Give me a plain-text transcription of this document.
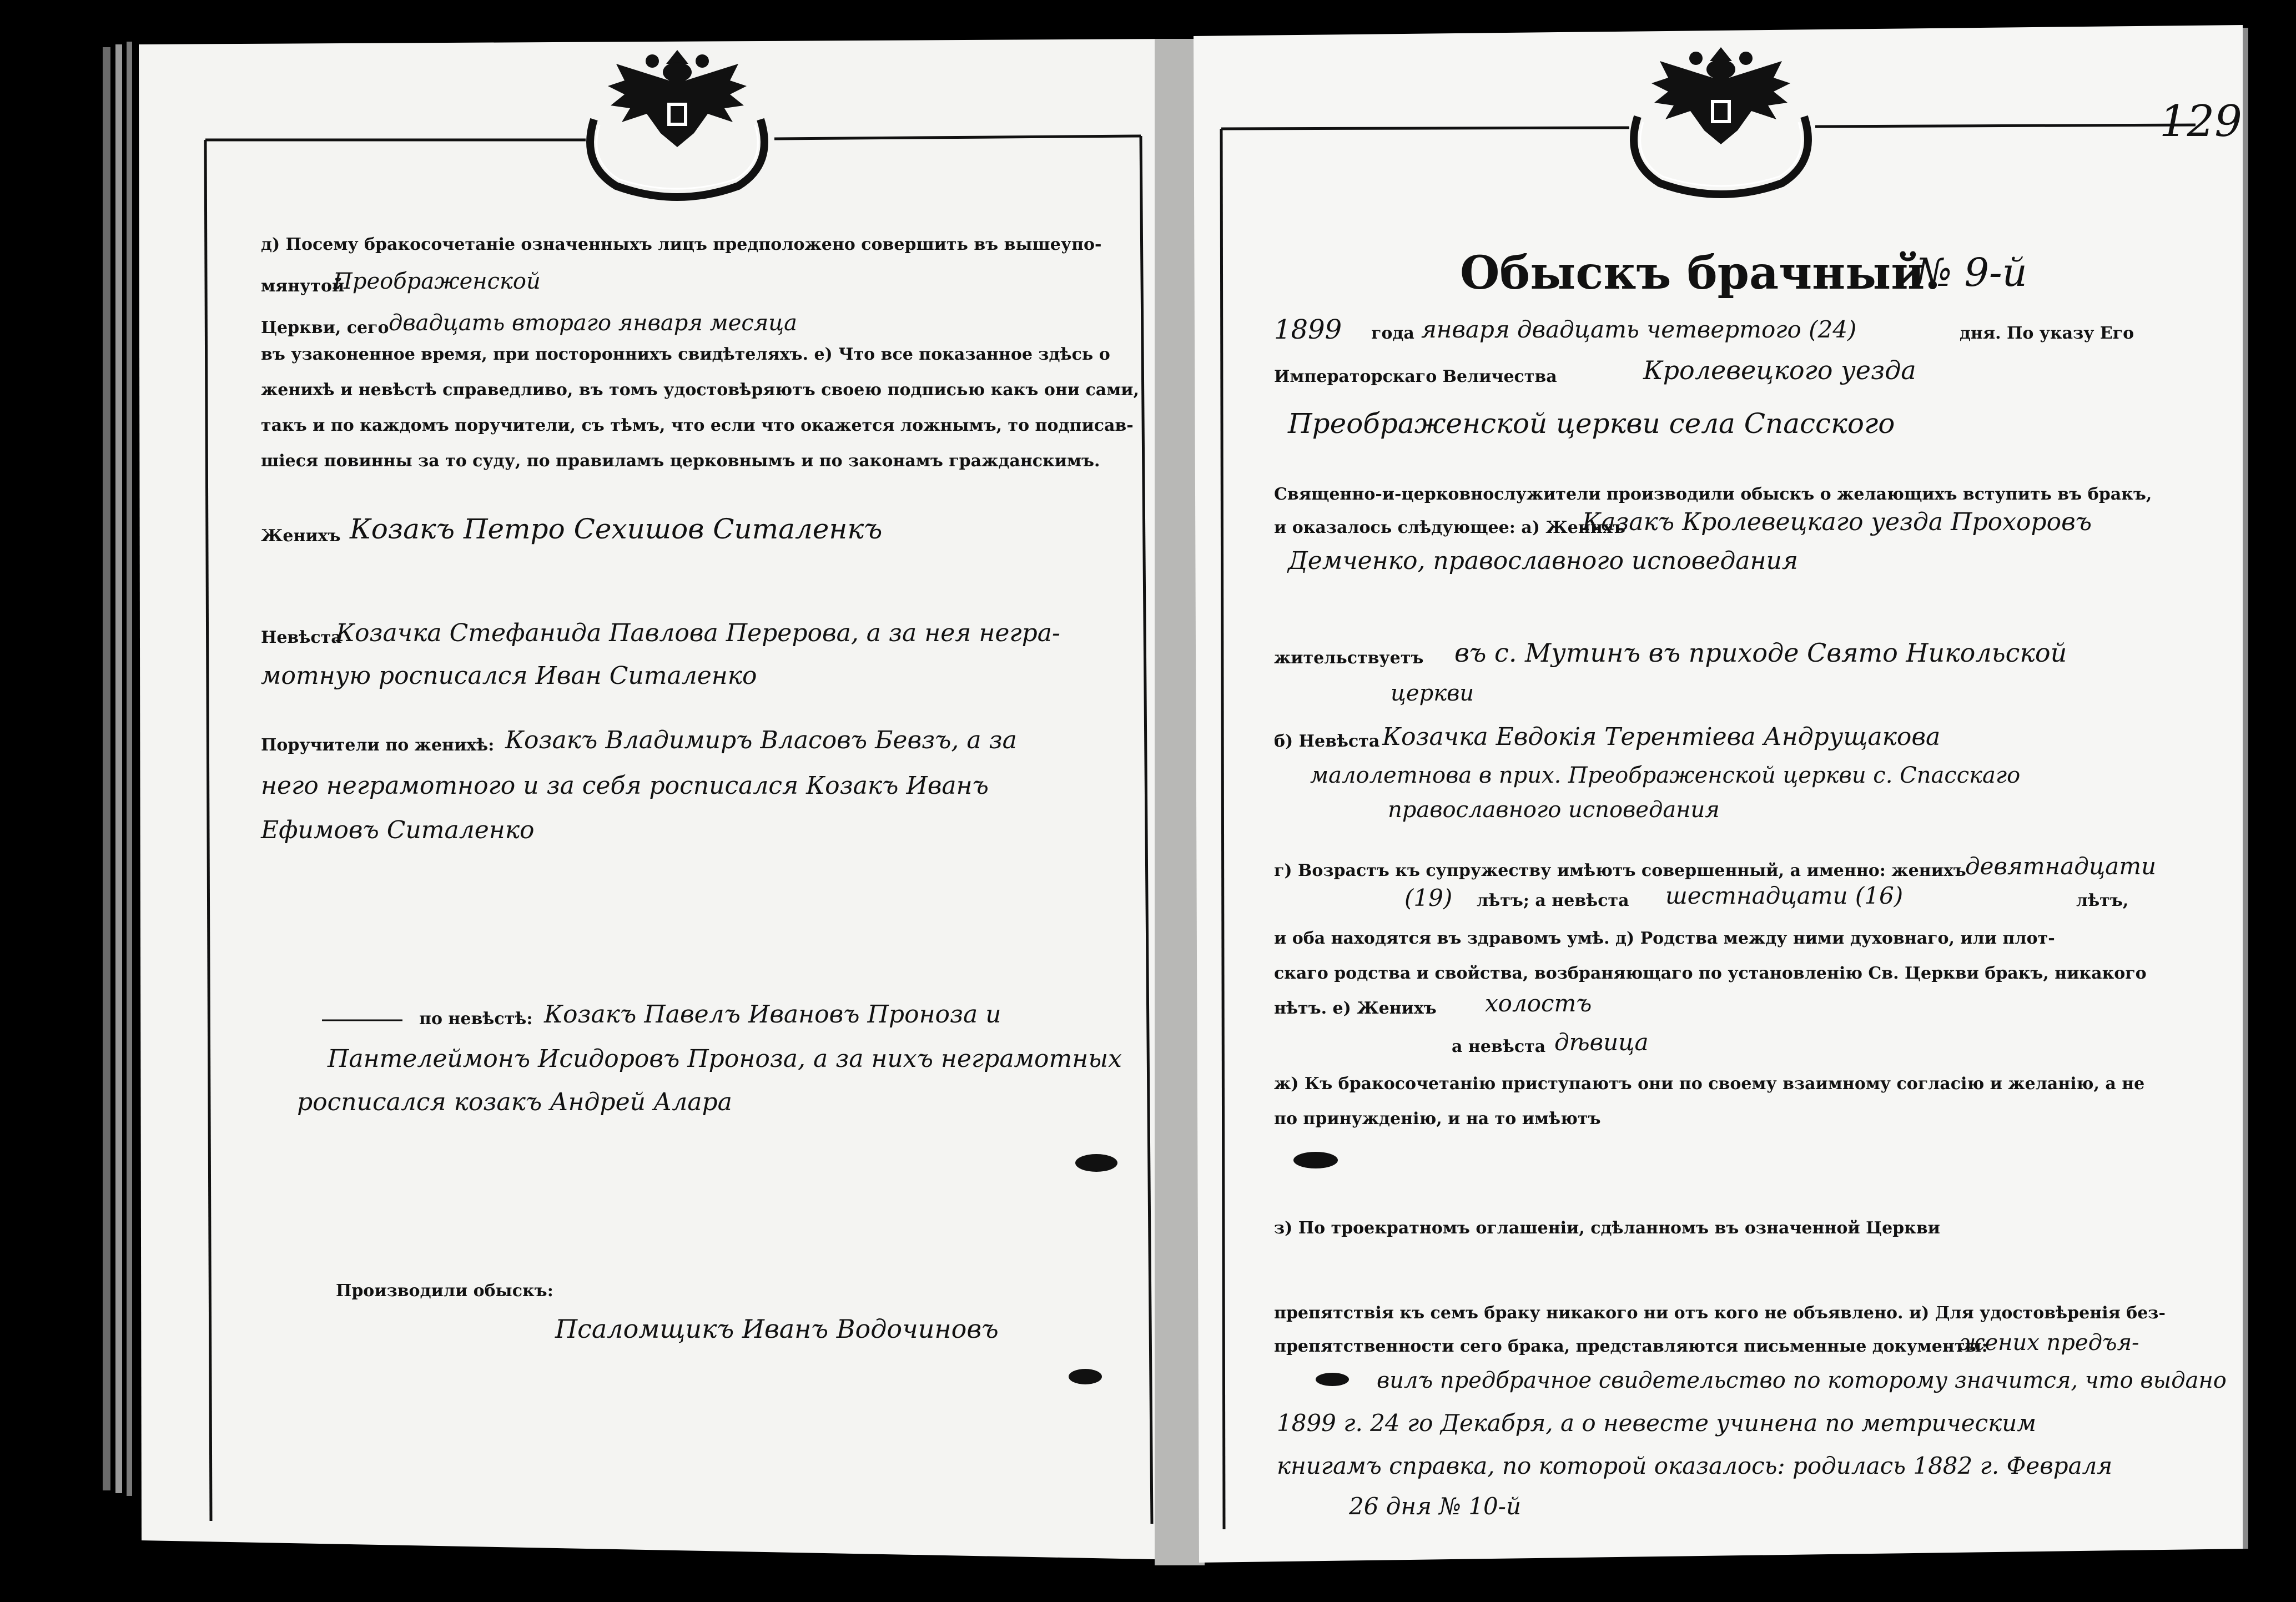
129
д) Посему бракосочетаніе означенныхъ лицъ предположено совершить въ вышеупо-
мянутой
Преображенской
Церкви, сего двадцать втораго января месяца
въ узаконенное время, при постороннихъ свидѣтеляхъ. е) Что все показанное здѣсь о
женихѣ и невѣстѣ справедливо, въ томъ удостовѣряютъ своею подписью какъ они сами,
такъ и по каждомъ поручители, съ тѣмъ, что если что окажется ложнымъ, то подписав-
шіеся повинны за то суду, по правиламъ церковнымъ и по законамъ гражданскимъ.
Женихъ Козакъ Петро Сехишов Ситаленкъ
Невѣста
Козачка Стефанида Павлова Перерова, а за нея негра-
мотную росписался Иван Ситаленко
Поручители по женихѣ: Козакъ Владимиръ Власовъ Бевзъ, а за
него неграмотного и за себя росписался Козакъ Иванъ
Ефимовъ Ситаленко
по невѣстѣ: Козакъ Павелъ Ивановъ Проноза и
Пантелеймонъ Исидоровъ Проноза, а за нихъ неграмотных
росписался козакъ Андрей Алара
Производили обыскъ:
Псаломщикъ Иванъ Водочиновъ
Обыскъ брачный.
№ 9-й
1899 года января двадцать четвертого (24)	дня. По указу Его
Императорскаго Величества	Кролевецкого уезда
Преображенской церкви села Спасского
Священно-и-церковнослужители производили обыскъ о желающихъ вступить въ бракъ,
и оказалось слѣдующее: а) Женихъ
Казакъ Кролевецкаго уезда Прохоровъ
Демченко, православного исповедания
жительствуетъ въ с. Мутинъ въ приходе Свято Никольской
церкви
б) Невѣста Козачка Евдокія Терентіева Андрущакова
малолетнова в прих. Преображенской церкви с. Спасскаго
православного исповедания
г) Возрастъ къ супружеству имѣютъ совершенный, а именно: женихъ
девятнадцати
(19) лѣтъ; а невѣста шестнадцати (16)	лѣтъ,
и оба находятся въ здравомъ умѣ. д) Родства между ними духовнаго, или плот-
скаго родства и свойства, возбраняющаго по установленію Св. Церкви бракъ, никакого
нѣтъ. е) Женихъ холостъ
а невѣста дѣвица
ж) Къ бракосочетанію приступаютъ они по своему взаимному согласію и желанію, а не
по принужденію, и на то имѣютъ
з) По троекратномъ оглашеніи, сдѣланномъ въ означенной Церкви
препятствія къ семъ браку никакого ни отъ кого не объявлено. и) Для удостовѣренія без-
препятственности сего брака, представляются письменные документы:
жених предъя-
вилъ предбрачное свидетельство по которому значится, что выдано
1899 г. 24 го Декабря, а о невесте учинена по метрическим
книгамъ справка, по которой оказалось: родилась 1882 г. Февраля
26 дня № 10-й
